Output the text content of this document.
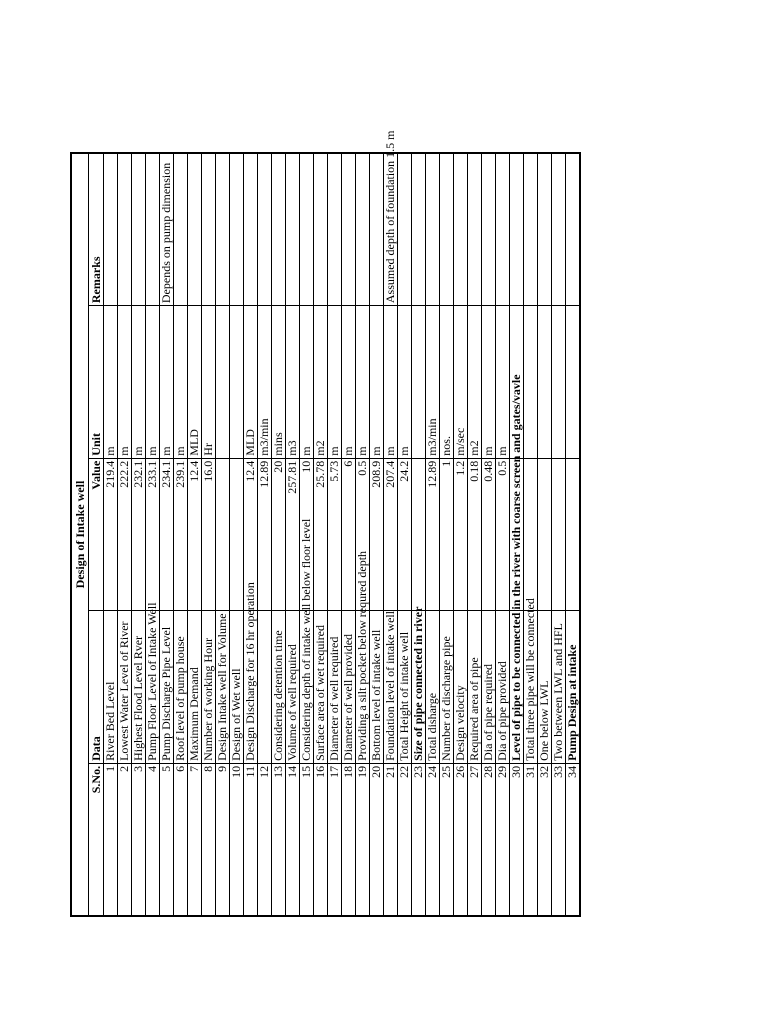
Design of Intake well				
S.No.	Data	Value	Unit	Remarks
1	River Bed Level	219.4	m	
2	Lowest Water Level of River	222.2	m	
3	Highest Flood Level Rver	232.1	m	
4	Pump Floor Level of Intake Well	233.1	m	
5	Pump Discharge Pipe Level	234.1	m	Depends on pump dimension
6	Roof level of pump house	239.1	m	
7	Maximum Demand	12.4	MLD	
8	Number of working Hour	16.0	Hr	
9	Design Intake well for Volume			
10	Design of Wet well			
11	Design Discharge for 16 hr operation	12.4	MLD	
12		12.89	m3/min	
13	Considering detention time	20	mins	
14	Volume of well required	257.81	m3	
15	Considering depth of intake well below floor level	10	m	
16	Surface area of wet required	25.78	m2	
17	Diameter of well required	5.73	m	
18	Diameter of well provided	6	m	
19	Providing a silt pocket below requred depth	0.5	m	
20	Bottom level of intake well	208.9	m	
21	Foundation level of intake well	207.4	m	Assumed depth of foundation 1.5 m
22	Total Height of intake well	24.2	m	
23	Size of pipe connected in river			
24	Total disharge	12.89	m3/min	
25	Number of discharge pipe	1	nos.	
26	Design velocity	1.2	m/sec	
27	Required area of pipe	0.18	m2	
28	Dia of pipe required	0.48	m	
29	Dia of pipe provided	0.5	m	
30	Level of pipe to be connected in the river with coarse screen and gates/vavle			
31	Total three pipe will be connected			
32	One below LWL			
33	Two between LWL and HFL			
34	Pump Design at intake			
